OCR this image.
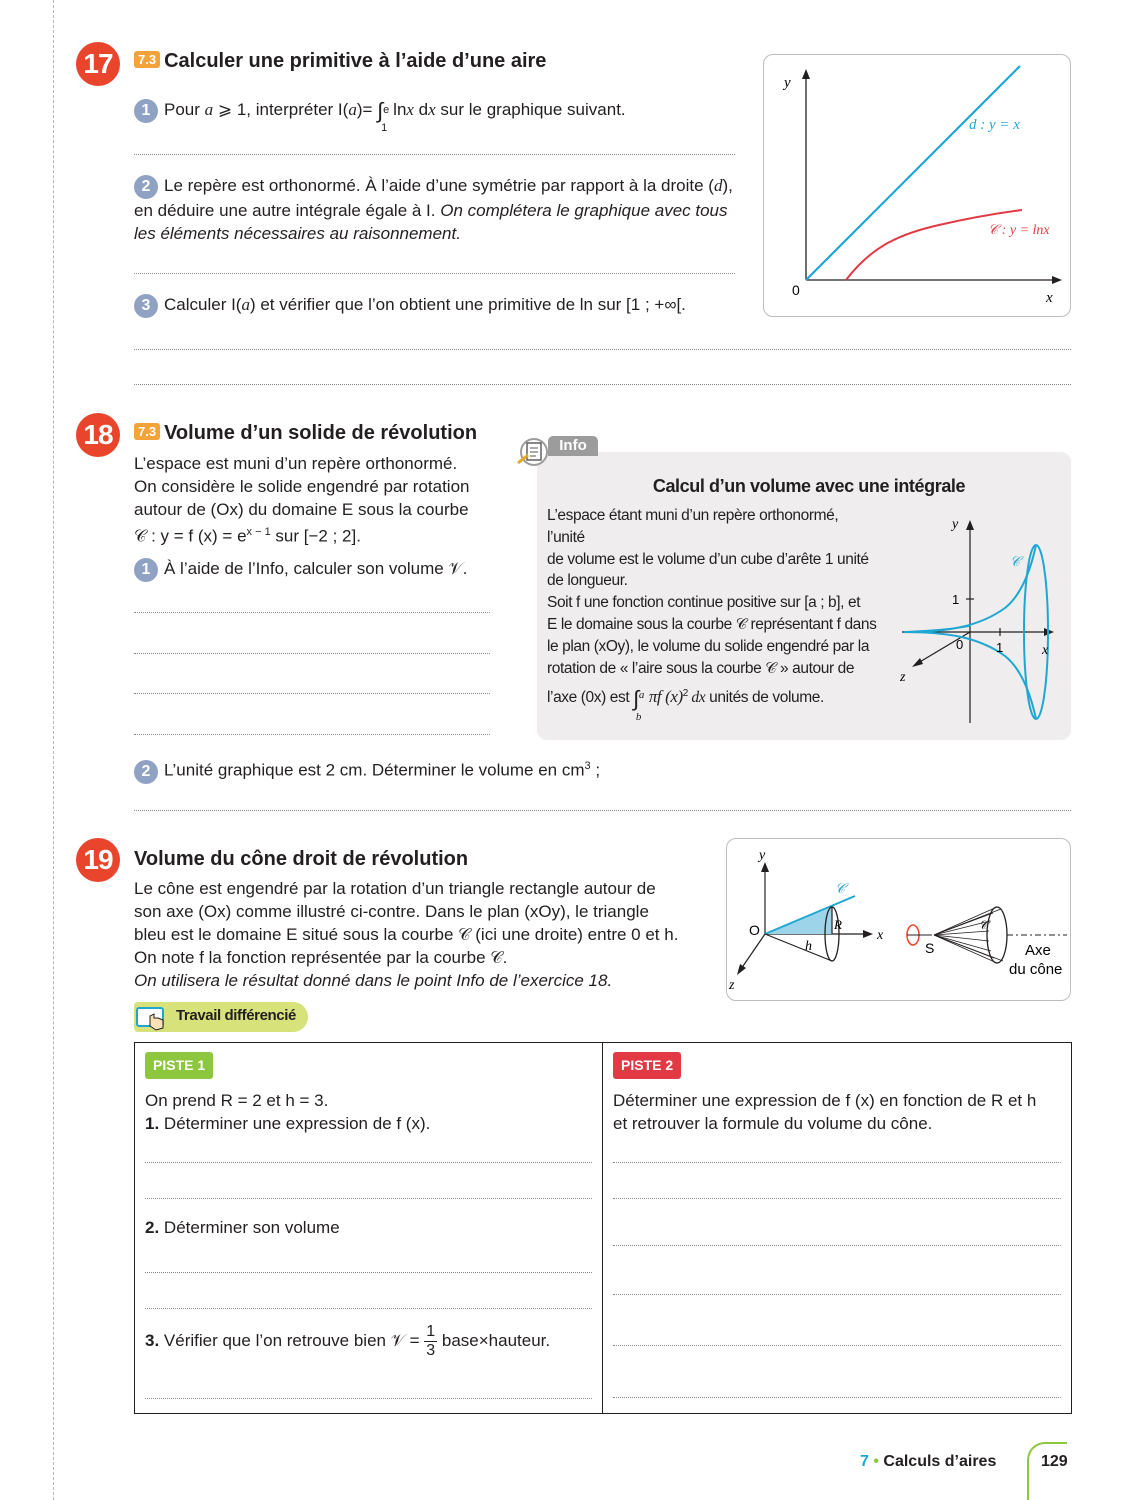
17	7.3 Calculer une primitive à l’aide d’une aire
1 Pour a ⩾ 1, interpréter I(a)= ∫ e
1
lnx dx sur le graphique suivant.
2 Le repère est orthonormé. À l’aide d’une symétrie par rapport à la droite (d), en déduire une autre intégrale égale à I. On complétera le graphique avec tous les éléments nécessaires au raisonnement.
3 Calculer I(a) et vérifier que l’on obtient une primitive de ln sur [1 ; +∞[.
y
x
0
d : y = x
𝒞 : y = lnx
18	7.3 Volume d’un solide de révolution
L’espace est muni d’un repère orthonormé.
On considère le solide engendré par rotation
autour de (Ox) du domaine E sous la courbe
𝒞 : y = f $(x) = e^{x - 1}$ sur [−2 ; 2].
1 À l’aide de l’Info, calculer son volume 𝒱.
Info
Calcul d’un volume avec une intégrale
L’espace étant muni d’un repère orthonormé, l’unité
de volume est le volume d’un cube d’arête 1 unité
de longueur.
Soit f une fonction continue positive sur [a ; b], et
E le domaine sous la courbe 𝒞 représentant f dans
le plan (xOy), le volume du solide engendré par la
rotation de « l’aire sous la courbe 𝒞 » autour de
l’axe (0x) est ∫ a
b
πf $(x)^2$ dx unités de volume.
y
x
z
1
1
0
𝒞
2 L’unité graphique est 2 cm. Déterminer le volume en $cm^3$ ;
19	Volume du cône droit de révolution
Le cône est engendré par la rotation d’un triangle rectangle autour de
son axe (Ox) comme illustré ci-contre. Dans le plan (xOy), le triangle
bleu est le domaine E situé sous la courbe 𝒞 (ici une droite) entre 0 et h.
On note f la fonction représentée par la courbe 𝒞.
On utilisera le résultat donné dans le point Info de l’exercice 18.
y
x
z
O	R
h
𝒞
S
𝒞
Axe
du cône
Travail différencié
PISTE 1
On prend R = 2 et h = 3.
1. Déterminer une expression de f (x).
2. Déterminer son volume
3. Vérifier que l’on retrouve bien 𝒱 = $\frac{1}{3}$ base×hauteur.
PISTE 2
Déterminer une expression de f (x) en fonction de R et h
et retrouver la formule du volume du cône.
7 • Calculs d’aires	129
